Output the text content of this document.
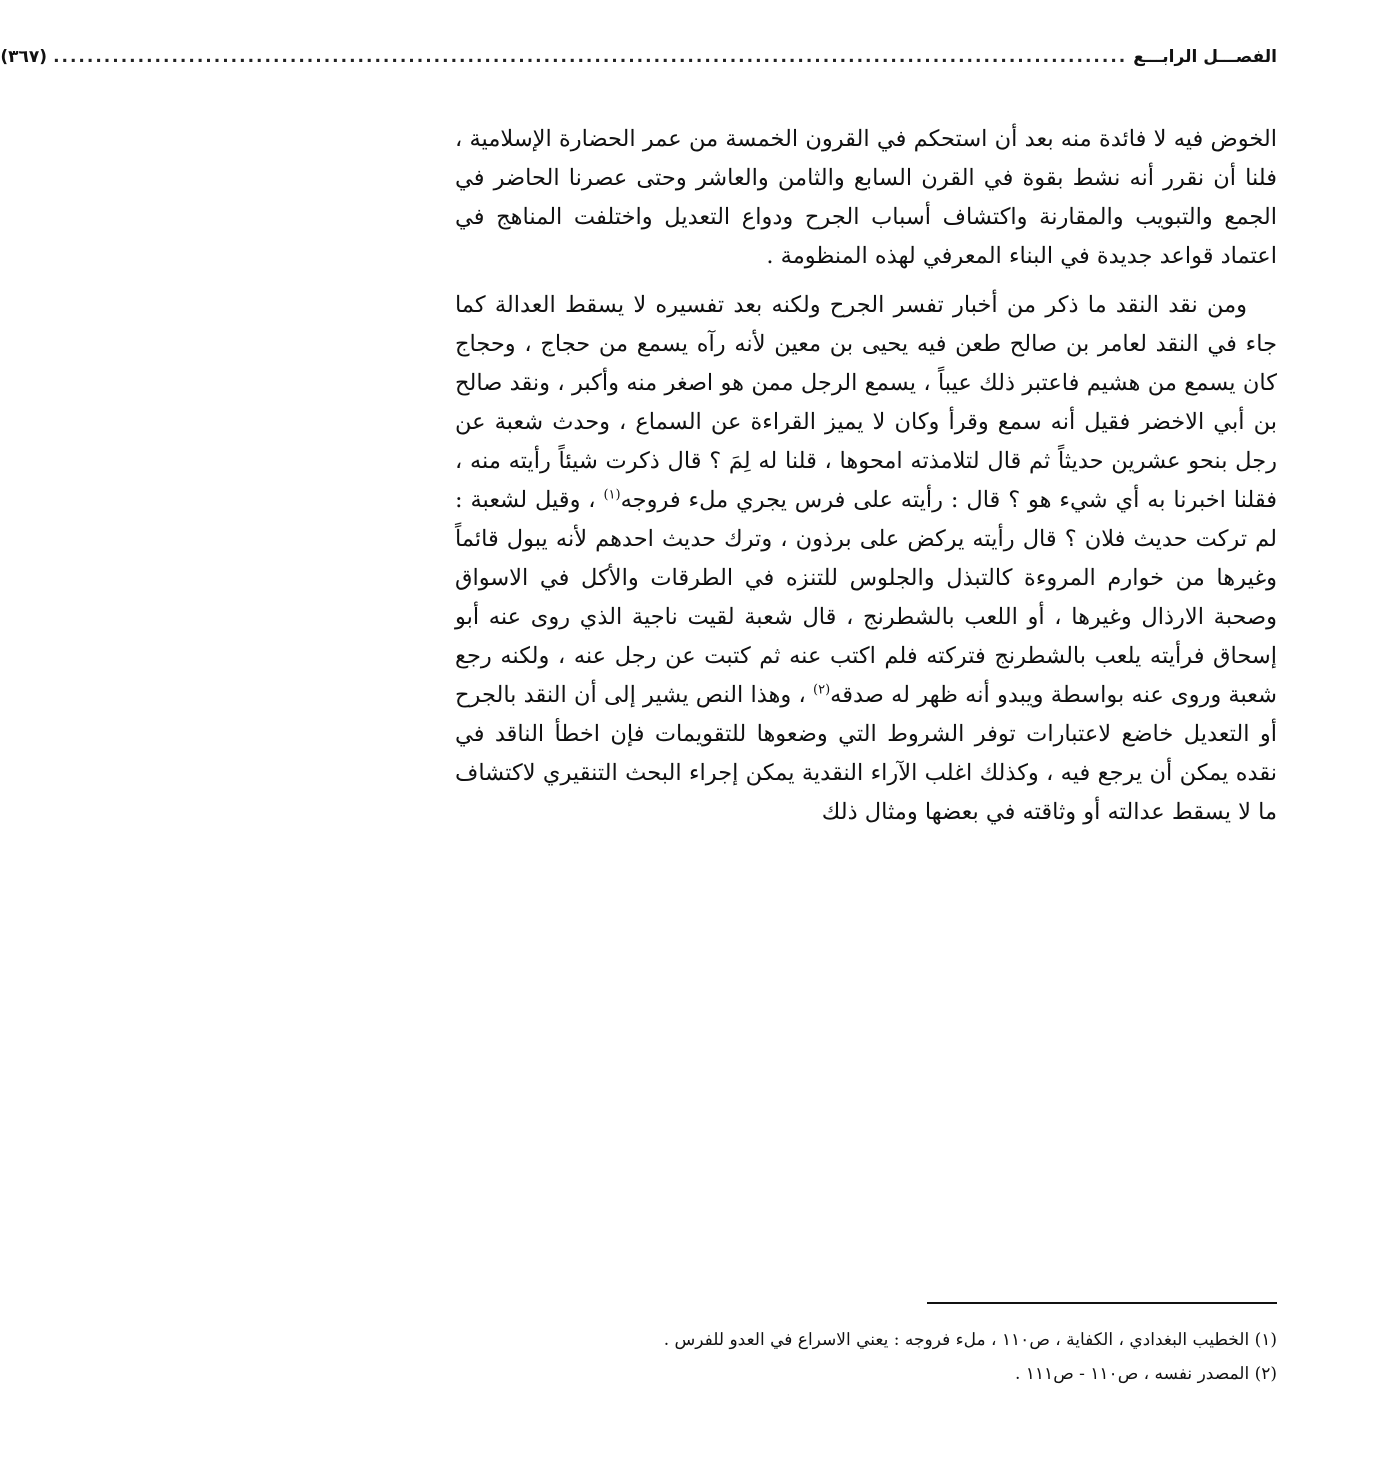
الفصـــل الرابـــع
...............................................................................................................................
(٣٦٧)

الخوض فيه لا فائدة منه بعد أن استحكم في القرون الخمسة من عمر الحضارة الإسلامية ، فلنا أن نقرر أنه نشط بقوة في القرن السابع والثامن والعاشر وحتى عصرنا الحاضر في الجمع والتبويب والمقارنة واكتشاف أسباب الجرح ودواع التعديل واختلفت المناهج في اعتماد قواعد جديدة في البناء المعرفي لهذه المنظومة .

ومن نقد النقد ما ذكر من أخبار تفسر الجرح ولكنه بعد تفسيره لا يسقط العدالة كما جاء في النقد لعامر بن صالح طعن فيه يحيى بن معين لأنه رآه يسمع من حجاج ، وحجاج كان يسمع من هشيم فاعتبر ذلك عيباً ، يسمع الرجل ممن هو اصغر منه وأكبر ، ونقد صالح بن أبي الاخضر فقيل أنه سمع وقرأ وكان لا يميز القراءة عن السماع ، وحدث شعبة عن رجل بنحو عشرين حديثاً ثم قال لتلامذته امحوها ، قلنا له لِمَ ؟ قال ذكرت شيئاً رأيته منه ، فقلنا اخبرنا به أي شيء هو ؟ قال : رأيته على فرس يجري ملء فروجه$^{(١)}$ ، وقيل لشعبة : لم تركت حديث فلان ؟ قال رأيته يركض على برذون ، وترك حديث احدهم لأنه يبول قائماً وغيرها من خوارم المروءة كالتبذل والجلوس للتنزه في الطرقات والأكل في الاسواق وصحبة الارذال وغيرها ، أو اللعب بالشطرنج ، قال شعبة لقيت ناجية الذي روى عنه أبو إسحاق فرأيته يلعب بالشطرنج فتركته فلم اكتب عنه ثم كتبت عن رجل عنه ، ولكنه رجع شعبة وروى عنه بواسطة ويبدو أنه ظهر له صدقه$^{(٢)}$ ، وهذا النص يشير إلى أن النقد بالجرح أو التعديل خاضع لاعتبارات توفر الشروط التي وضعوها للتقويمات فإن اخطأ الناقد في نقده يمكن أن يرجع فيه ، وكذلك اغلب الآراء النقدية يمكن إجراء البحث التنقيري لاكتشاف ما لا يسقط عدالته أو وثاقته في بعضها ومثال ذلك

(١) الخطيب البغدادي ، الكفاية ، ص١١٠ ، ملء فروجه : يعني الاسراع في العدو للفرس .

(٢) المصدر نفسه ، ص١١٠ - ص١١١ .
